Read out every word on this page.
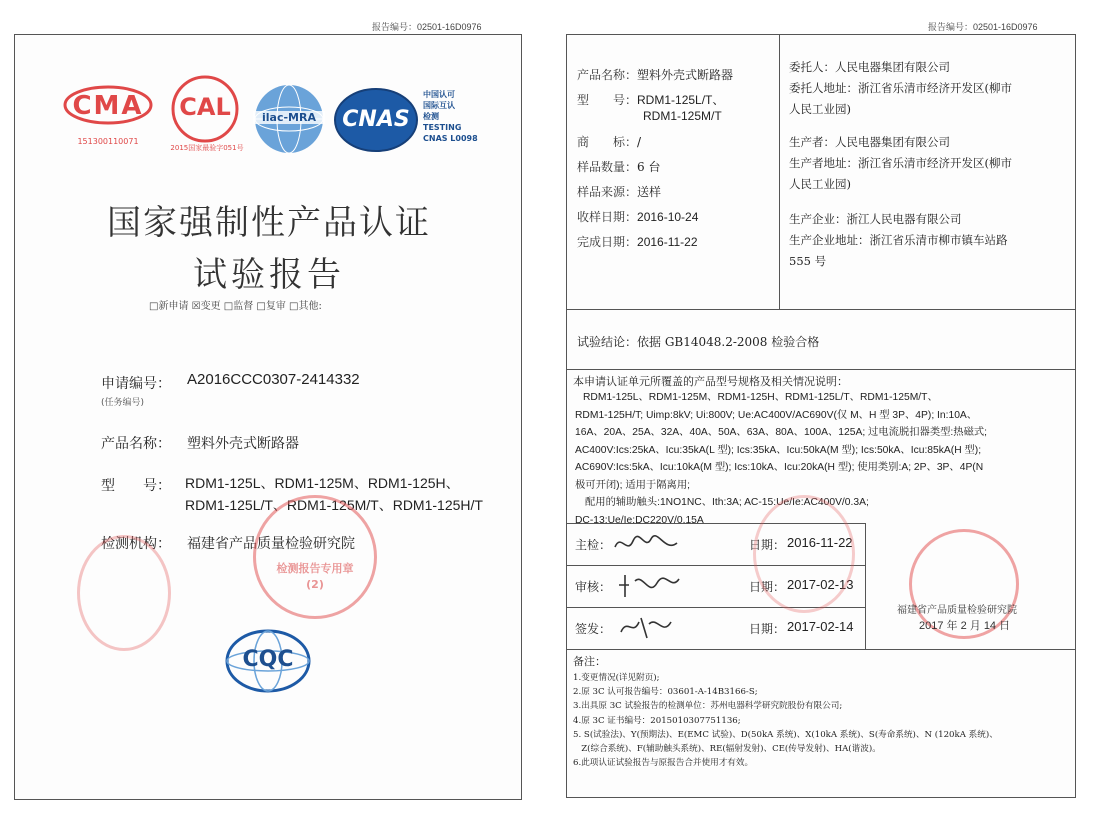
报告编号：02501-16D0976
CMA
151300110071
CAL
2015国家最验字051号
ilac-MRA	CNAS
中国认可
国际互认
检测
TESTING
CNAS L0098
国家强制性产品认证
试验报告
□新申请 ☒变更 □监督 □复审 □其他:
申请编号： A2016CCC0307-2414332
(任务编号)
产品名称： 塑料外壳式断路器
型　　号： RDM1-125L、RDM1-125M、RDM1-125H、
RDM1-125L/T、RDM1-125M/T、RDM1-125H/T
检测机构： 福建省产品质量检验研究院
检测报告专用章
(2)
CQC
报告编号：02501-16D0976
产品名称：塑料外壳式断路器
型　　号：RDM1-125L/T、
RDM1-125M/T
商　　标：/
样品数量：6 台
样品来源：送样
收样日期：2016-10-24
完成日期：2016-11-22
委托人：人民电器集团有限公司
委托人地址：浙江省乐清市经济开发区(柳市
人民工业园)
生产者：人民电器集团有限公司
生产者地址：浙江省乐清市经济开发区(柳市
人民工业园)
生产企业：浙江人民电器有限公司
生产企业地址：浙江省乐清市柳市镇车站路
555 号
试验结论：依据 GB14048.2-2008 检验合格
本申请认证单元所覆盖的产品型号规格及相关情况说明：
RDM1-125L、RDM1-125M、RDM1-125H、RDM1-125L/T、RDM1-125M/T、
RDM1-125H/T; Uimp:8kV; Ui:800V; Ue:AC400V/AC690V(仅 M、H 型 3P、4P); In:10A、
16A、20A、25A、32A、40A、50A、63A、80A、100A、125A; 过电流脱扣器类型:热磁式;
AC400V:Ics:25kA、Icu:35kA(L 型); Ics:35kA、Icu:50kA(M 型); Ics:50kA、Icu:85kA(H 型);
AC690V:Ics:5kA、Icu:10kA(M 型); Ics:10kA、Icu:20kA(H 型); 使用类别:A; 2P、3P、4P(N
极可开闭); 适用于隔离用;
配用的辅助触头:1NO1NC、Ith:3A; AC-15:Ue/Ie:AC400V/0.3A;
DC-13:Ue/Ie:DC220V/0.15A
主检：	日期： 2016-11-22
审核：	日期： 2017-02-13
签发：	日期： 2017-02-14
福建省产品质量检验研究院
2017 年 2 月 14 日
备注：
1.变更情况(详见附页);
2.原 3C 认可报告编号：03601-A-14B3166-S;
3.出具原 3C 试验报告的检测单位：苏州电器科学研究院股份有限公司;
4.原 3C 证书编号：2015010307751136;
5. S(试验法)、Y(预期法)、E(EMC 试验)、D(50kA 系统)、X(10kA 系统)、S(寿命系统)、N (120kA 系统)、
Z(综合系统)、F(辅助触头系统)、RE(辐射发射)、CE(传导发射)、HA(谐波)。
6.此项认证试验报告与原报告合并使用才有效。
